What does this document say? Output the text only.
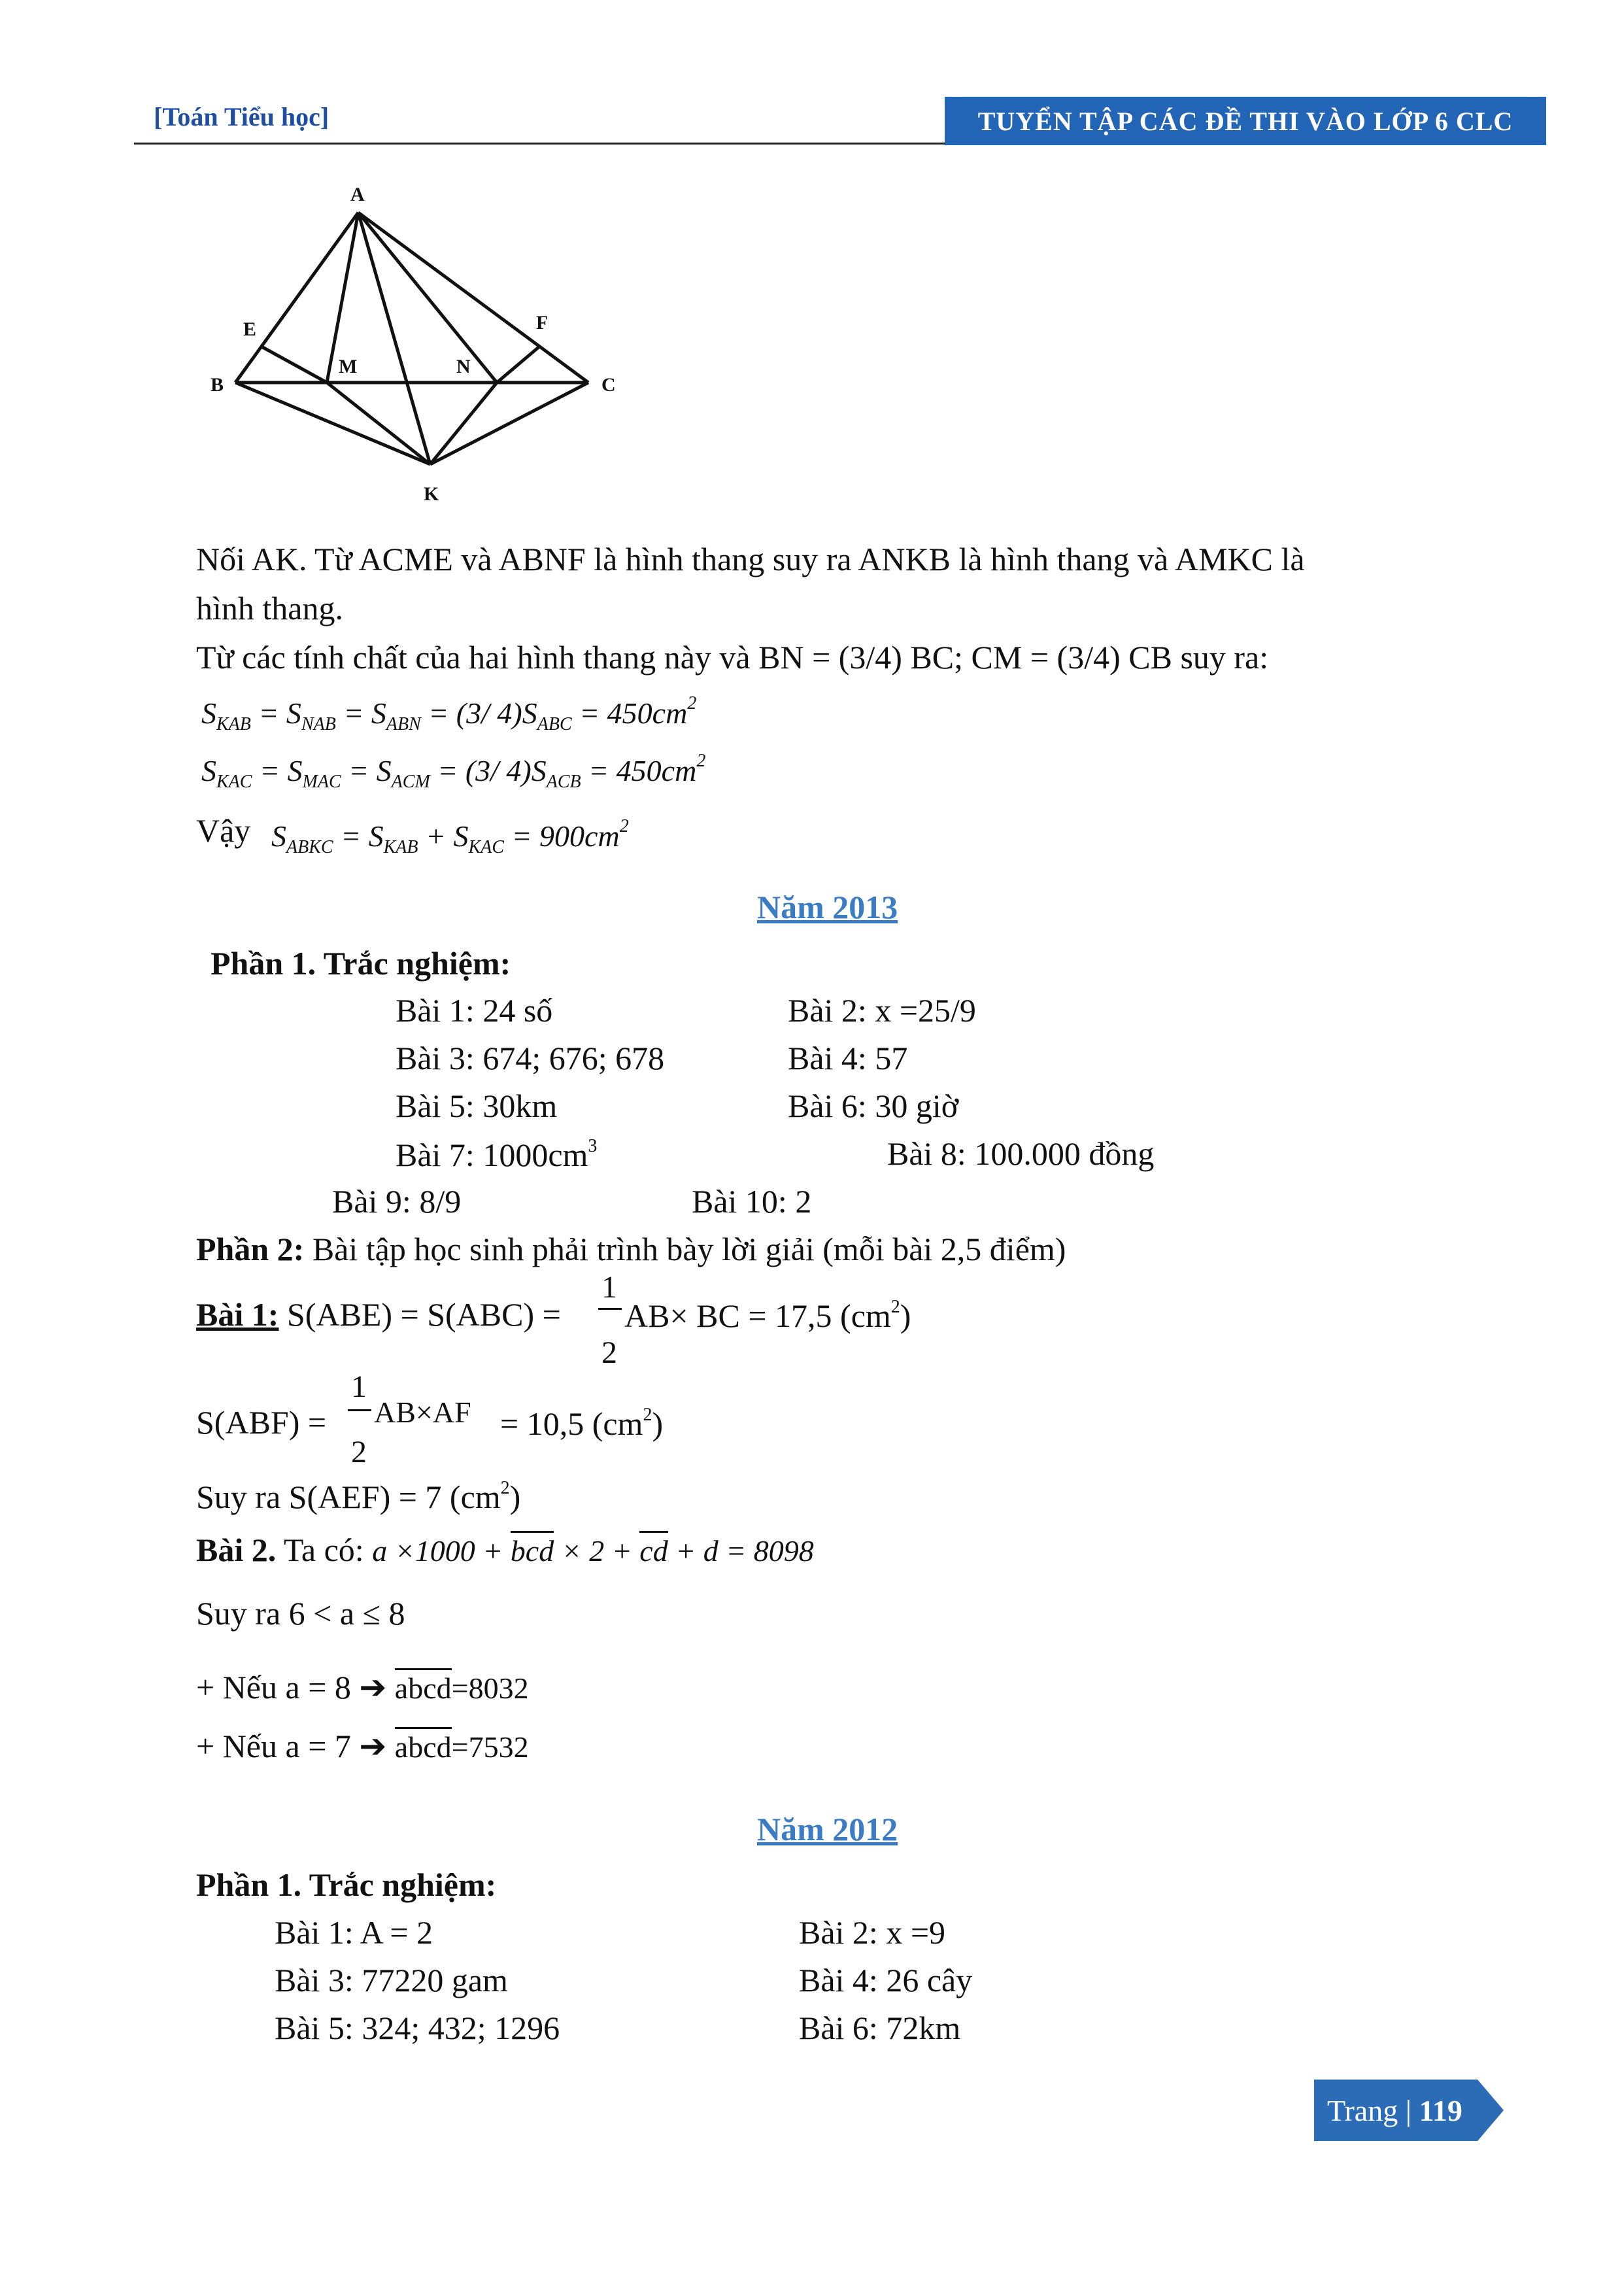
[Toán Tiểu học]	TUYỂN TẬP CÁC ĐỀ THI VÀO LỚP 6 CLC
A
B	C
E	F
M	N
K
Nối AK. Từ ACME và ABNF là hình thang suy ra ANKB là hình thang và AMKC là
hình thang.
Từ các tính chất của hai hình thang này và BN = (3/4) BC; CM = (3/4) CB suy ra:
$S_{KAB} = S_{NAB} = S_{ABN} = (3/$ $4)S_{ABC} = 450cm^2$
$S_{KAC} = S_{MAC} = S_{ACM} = (3/$ $4)S_{ACB} = 450cm^2$
Vậy $S_{ABKC} = S_{KAB} + S_{KAC} = 900cm^2$
Năm 2013
Phần 1. Trắc nghiệm:
Bài 1: 24 số	Bài 2: x =25/9
Bài 3: 674; 676; 678	Bài 4: 57
Bài 5: 30km	Bài 6: 30 giờ
Bài 7: $1000cm^3$	Bài 8: 100.000 đồng
Bài 9: 8/9	Bài 10: 2
Phần 2: Bài tập học sinh phải trình bày lời giải (mỗi bài 2,5 điểm)
Bài 1: S(ABE) = S(ABC) =
1
2
AB× BC = 17,5 $(cm^2)$
S(ABF) =
1
2
AB×AF = 10,5 $(cm^2)$
Suy ra S(AEF) = 7 $(cm^2)$
Bài 2. Ta có: a ×1000 + bcd × 2 + cd + d = 8098
Suy ra 6 < a ≤ 8
+ Nếu a = 8 ➔ abcd=8032
+ Nếu a = 7 ➔ abcd=7532
Năm 2012
Phần 1. Trắc nghiệm:
Bài 1: A = 2	Bài 2: x =9
Bài 3: 77220 gam	Bài 4: 26 cây
Bài 5: 324; 432; 1296	Bài 6: 72km
Trang |
119
